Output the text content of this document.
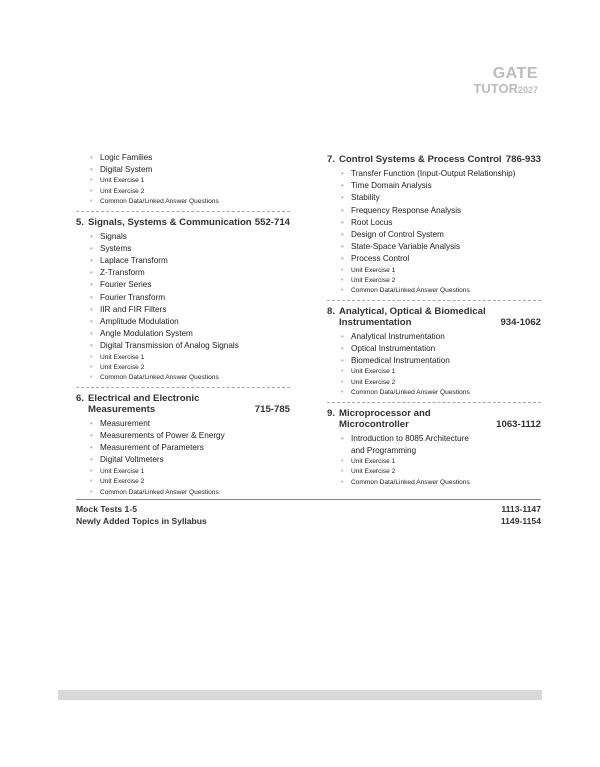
GATE
TUTOR2027
• Logic Families
• Digital System
• Unit Exercise 1
• Unit Exercise 2
• Common Data/Linked Answer Questions
5. Signals, Systems & Communication 552-714
• Signals
• Systems
• Laplace Transform
• Z-Transform
• Fourier Series
• Fourier Transform
• IIR and FIR Filters
• Amplitude Modulation
• Angle Modulation System
• Digital Transmission of Analog Signals
• Unit Exercise 1
• Unit Exercise 2
• Common Data/Linked Answer Questions
6. Electrical and Electronic
Measurements	715-785
• Measurement
• Measurements of Power & Energy
• Measurement of Parameters
• Digital Voltmeters
• Unit Exercise 1
• Unit Exercise 2
• Common Data/Linked Answer Questions
7. Control Systems & Process Control 786-933
• Transfer Function (Input-Output Relationship)
• Time Domain Analysis
• Stability
• Frequency Response Analysis
• Root Locus
• Design of Control System
• State-Space Variable Analysis
• Process Control
• Unit Exercise 1
• Unit Exercise 2
• Common Data/Linked Answer Questions
8. Analytical, Optical & Biomedical
Instrumentation	934-1062
• Analytical Instrumentation
• Optical Instrumentation
• Biomedical Instrumentation
• Unit Exercise 1
• Unit Exercise 2
• Common Data/Linked Answer Questions
9. Microprocessor and
Microcontroller	1063-1112
• Introduction to 8085 Architecture
and Programming
• Unit Exercise 1
• Unit Exercise 2
• Common Data/Linked Answer Questions
Mock Tests 1-5	1113-1147
Newly Added Topics in Syllabus	1149-1154
